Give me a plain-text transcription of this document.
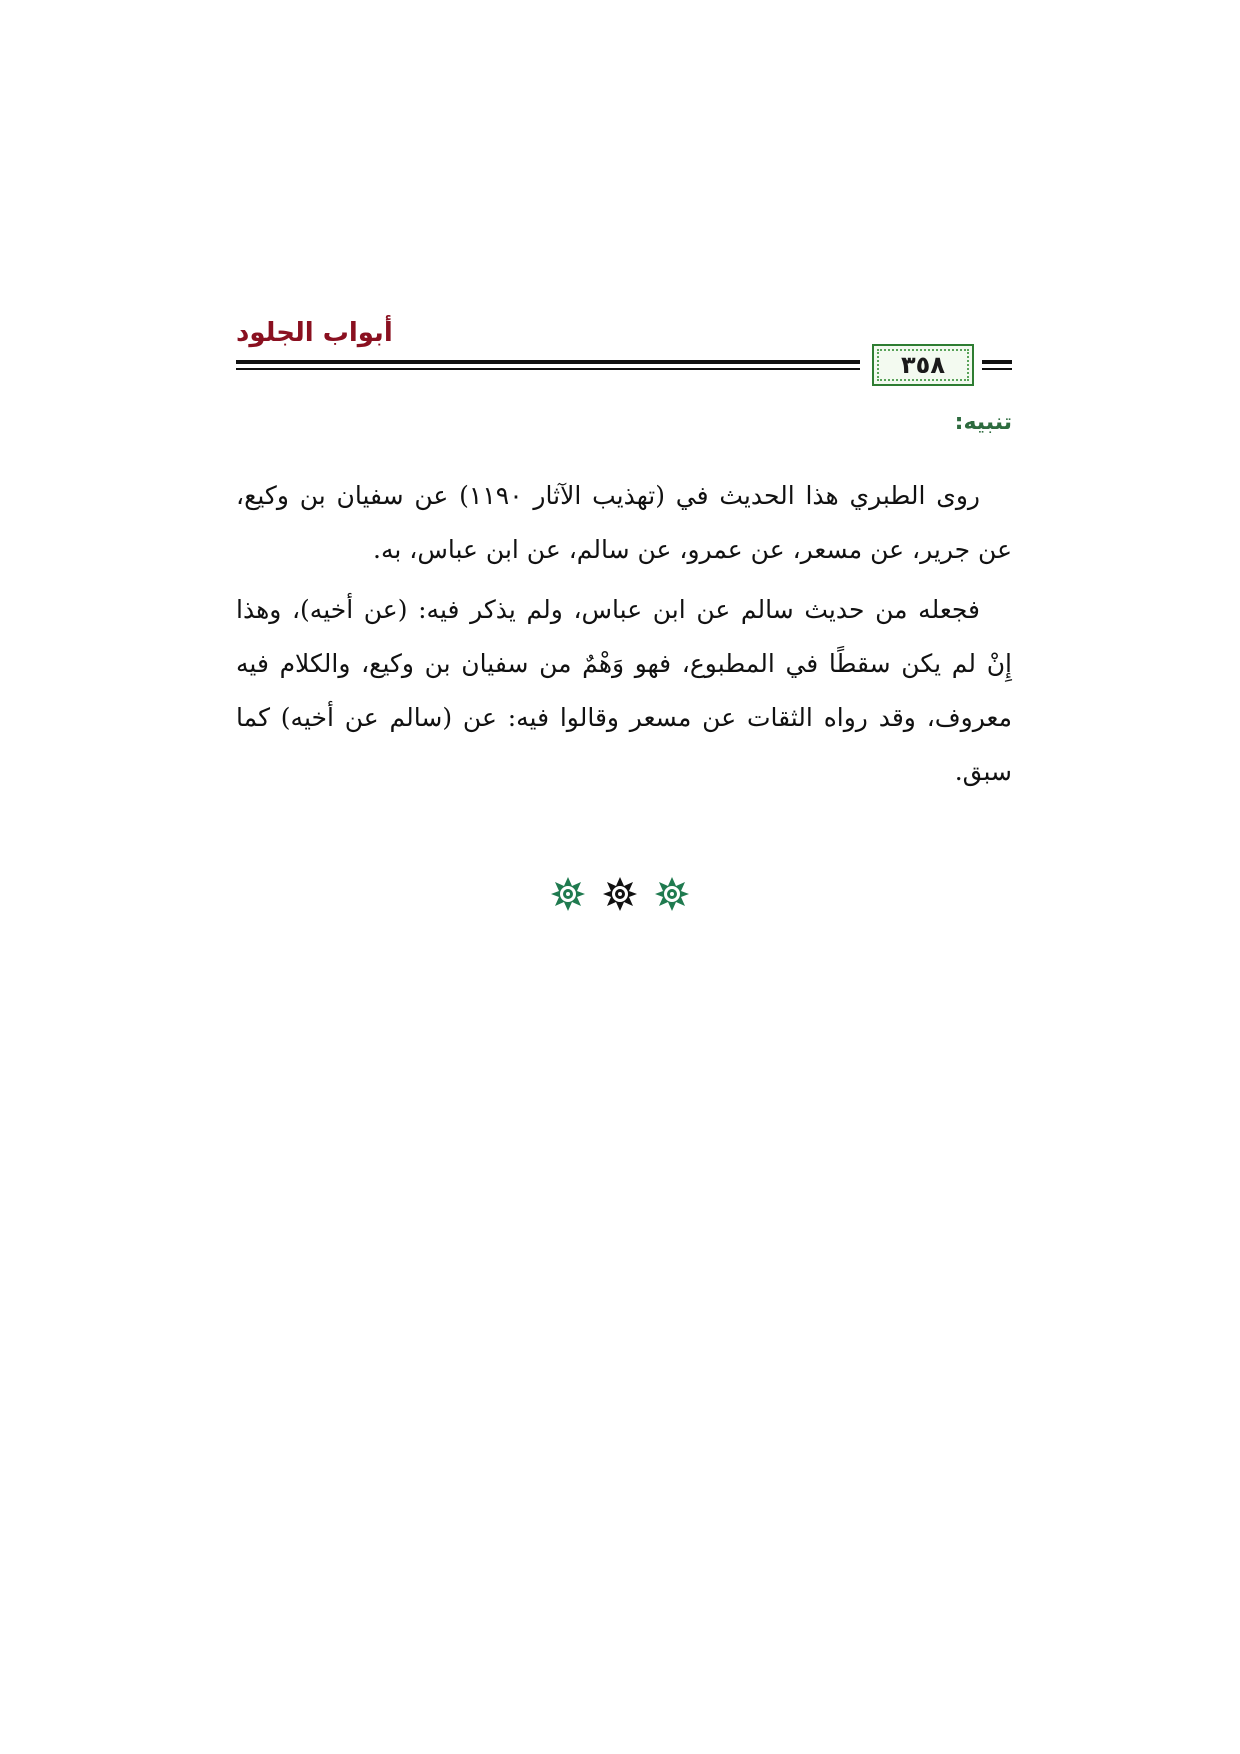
أبواب الجلود
٣٥٨
تنبيه:

روى الطبري هذا الحديث في (تهذيب الآثار ١١٩٠) عن سفيان بن وكيع، عن جرير، عن مسعر، عن عمرو، عن سالم، عن ابن عباس، به.

فجعله من حديث سالم عن ابن عباس، ولم يذكر فيه: (عن أخيه)، وهذا إِنْ لم يكن سقطًا في المطبوع، فهو وَهْمٌ من سفيان بن وكيع، والكلام فيه معروف، وقد رواه الثقات عن مسعر وقالوا فيه: عن (سالم عن أخيه) كما سبق.
